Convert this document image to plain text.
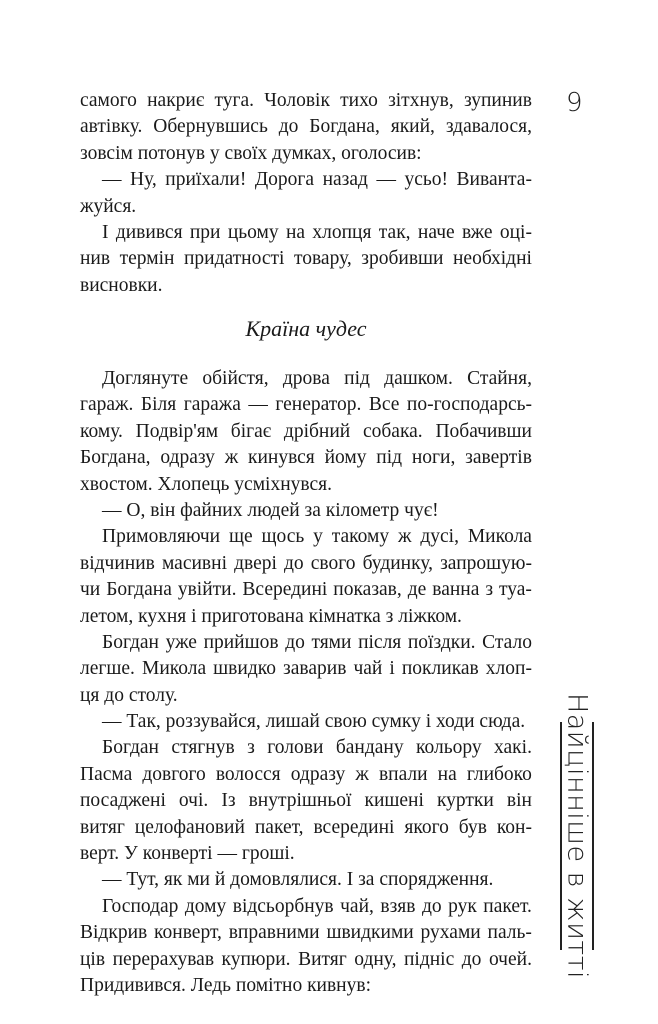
9
самого накриє туга. Чоловік тихо зітхнув, зупинив
автівку. Обернувшись до Богдана, який, здавалося,
зовсім потонув у своїх думках, оголосив:
— Ну, приїхали! Дорога назад — усьо! Виванта-
жуйся.
І дивився при цьому на хлопця так, наче вже оці-
нив термін придатності товару, зробивши необхідні
висновки.
Країна чудес
Доглянуте обійстя, дрова під дашком. Стайня,
гараж. Біля гаража — генератор. Все по-господарсь-
кому. Подвір'ям бігає дрібний собака. Побачивши
Богдана, одразу ж кинувся йому під ноги, завертів
хвостом. Хлопець усміхнувся.
— О, він файних людей за кілометр чує!
Примовляючи ще щось у такому ж дусі, Микола
відчинив масивні двері до свого будинку, запрошую-
чи Богдана увійти. Всередині показав, де ванна з туа-
летом, кухня і приготована кімнатка з ліжком.
Богдан уже прийшов до тями після поїздки. Стало
легше. Микола швидко заварив чай і покликав хлоп-
ця до столу.
— Так, роззувайся, лишай свою сумку і ходи сюда.
Богдан стягнув з голови бандану кольору хакі.
Пасма довгого волосся одразу ж впали на глибоко
посаджені очі. Із внутрішньої кишені куртки він
витяг целофановий пакет, всередині якого був кон-
верт. У конверті — гроші.
— Тут, як ми й домовлялися. І за спорядження.
Господар дому відсьорбнув чай, взяв до рук пакет.
Відкрив конверт, вправними швидкими рухами паль-
ців перерахував купюри. Витяг одну, підніс до очей.
Придивився. Ледь помітно кивнув:
Найцінніше в житті
